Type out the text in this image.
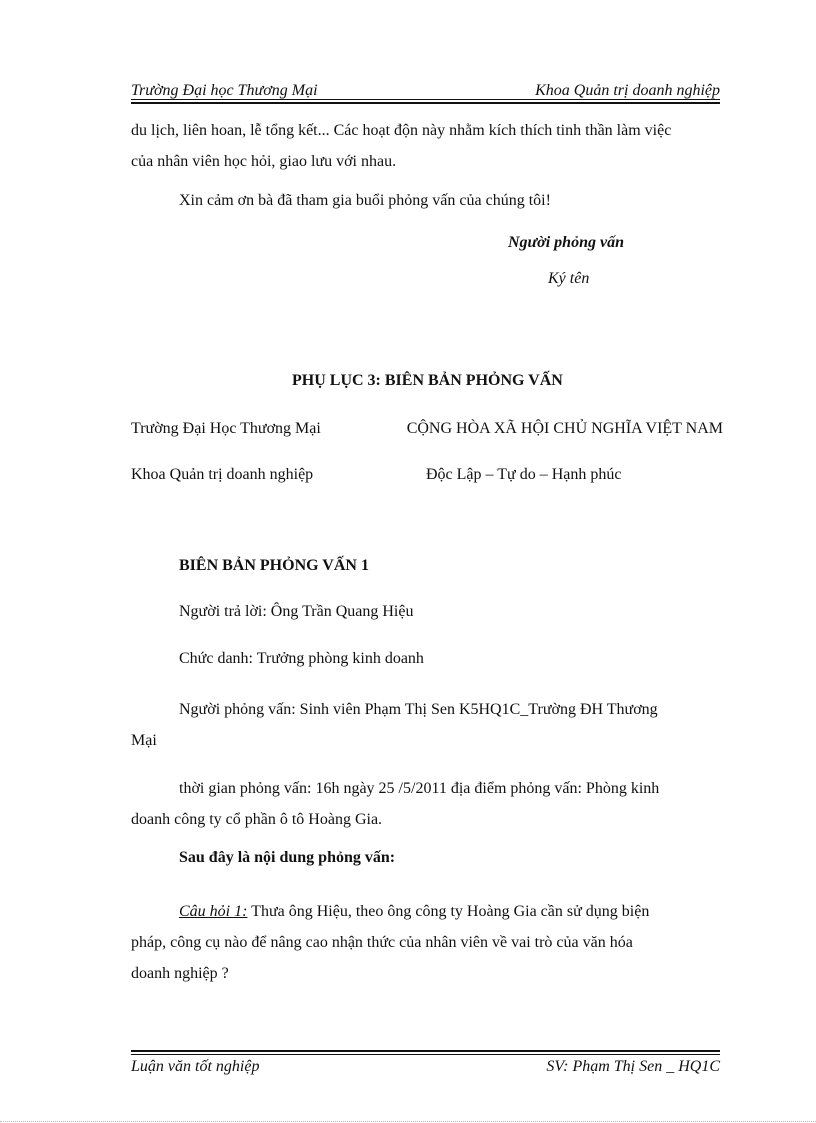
Trường Đại học Thương Mại	Khoa Quản trị doanh nghiệp
du lịch, liên hoan, lễ tổng kết... Các hoạt độn này nhằm kích thích tinh thần làm việc
của nhân viên học hỏi, giao lưu với nhau.
Xin cảm ơn bà đã tham gia buổi phỏng vấn của chúng tôi!
Người phỏng vấn
Ký tên
PHỤ LỤC 3: BIÊN BẢN PHỎNG VẤN
Trường Đại Học Thương Mại	CỘNG HÒA XÃ HỘI CHỦ NGHĨA VIỆT NAM
Khoa Quản trị doanh nghiệp	Độc Lập – Tự do – Hạnh phúc
BIÊN BẢN PHỎNG VẤN 1
Người trả lời: Ông Trần Quang Hiệu
Chức danh: Trưởng phòng kinh doanh
Người phỏng vấn: Sinh viên Phạm Thị Sen K5HQ1C_Trường ĐH Thương
Mại
thời gian phỏng vấn: 16h ngày 25 /5/2011 địa điểm phỏng vấn: Phòng kinh
doanh công ty cổ phần ô tô Hoàng Gia.
Sau đây là nội dung phỏng vấn:
Câu hỏi 1: Thưa ông Hiệu, theo ông công ty Hoàng Gia cần sử dụng biện
pháp, công cụ nào để nâng cao nhận thức của nhân viên về vai trò của văn hóa
doanh nghiệp ?
Luận văn tốt nghiệp	SV: Phạm Thị Sen _ HQ1C
